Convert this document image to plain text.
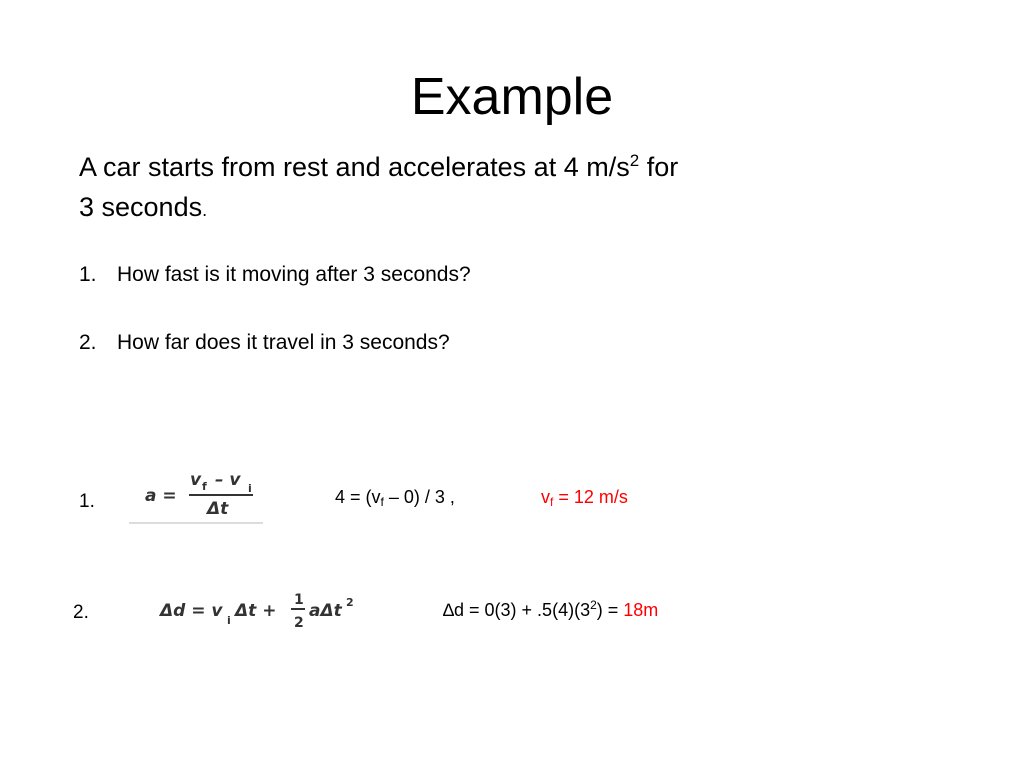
Example
A car starts from rest and accelerates at 4 $m/s^2$ for
3 seconds.
1. How fast is it moving after 3 seconds?
2. How far does it travel in 3 seconds?
1.	a =
v f – v i
Δt
$4 = (v_f - 0) / 3$ ,	$v_f = 12$ m/s
2.	Δd = v i Δt +
1
2
aΔt 2	$\Delta d = 0(3) + .5(4)(3^2) = 18m$
